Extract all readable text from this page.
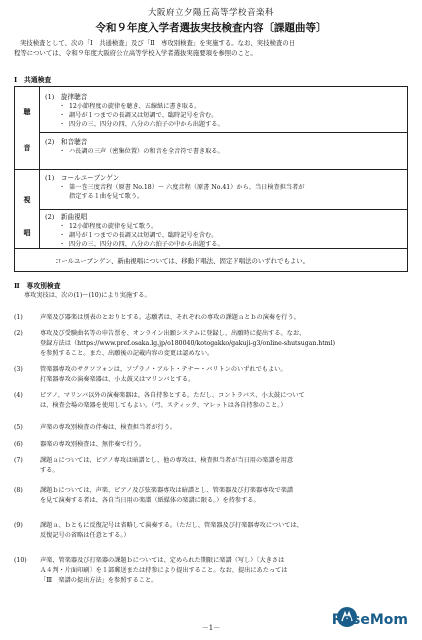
大阪府立夕陽丘高等学校音楽科
令和９年度入学者選抜実技検査内容〔課題曲等〕
実技検査として、次の「Ⅰ　共通検査」及び「Ⅱ　専攻別検査」を実施する。なお、実技検査の日
程等については、令和９年度大阪府公立高等学校入学者選抜実施要項を参照のこと。
Ⅰ　共通検査
聴
音
視
唱
(1)　旋律聴音
・ 12小節程度の旋律を聴き、五線紙に書き取る。
・ 調号が１つまでの長調又は短調で、臨時記号を含む。
・ 四分の三、四分の四、八分の六拍子の中から出題する。
(2)　和音聴音
・ ハ長調の三声（密集位置）の和音を全音符で書き取る。
(1)　コールユーブンゲン
・ 第一巻三度音程（原書 No.18）～ 六度音程（原書 No.41）から、当日検査担当者が
指定する１曲を見て歌う。
(2)　新曲視唱
・ 12小節程度の旋律を見て歌う。
・ 調号が１つまでの長調又は短調で、臨時記号を含む。
・ 四分の三、四分の四、八分の六拍子の中から出題する。
コールユーブンゲン、新曲視唱については、移動ド唱法、固定ド唱法のいずれでもよい。
Ⅱ　専攻別検査
専攻実技は、次の(1)～(10)により実施する。
(1)	声楽及び器楽は別表のとおりとする。志願者は、それぞれの専攻の課題ａとｂの演奏を行う。
(2)	専攻及び受験曲名等の申告票を、オンライン出願システムに登録し、出願時に提出する。なお、
登録方法は（https://www.pref.osaka.lg.jp/o180040/kotogakko/gakuji-g3/online-shutsugan.html)
を参照すること。また、出願後の記載内容の変更は認めない。
(3)	管楽器専攻のサクソフォンは、ソプラノ・アルト・テナー・バリトンのいずれでもよい。
打楽器専攻の演奏楽器は、小太鼓又はマリンバとする。
(4)	ピアノ、マリンバ以外の演奏楽器は、各自持参とする。ただし、コントラバス、小太鼓について
は、検査会場の楽器を使用してもよい。（弓、スティック、マレットは各自持参のこと。）
(5)	声楽の専攻別検査の伴奏は、検査担当者が行う。
(6)	器楽の専攻別検査は、無伴奏で行う。
(7)	課題ａについては、ピアノ専攻は暗譜とし、他の専攻は、検査担当者が当日用の楽譜を用意
する。
(8)	課題ｂについては、声楽、ピアノ及び弦楽器専攻は暗譜とし、管楽器及び打楽器専攻で楽譜
を見て演奏する者は、各自当日用の楽譜（紙媒体の楽譜に限る。）を持参する。
(9)	課題ａ、ｂともに反復記号は省略して演奏する。（ただし、管楽器及び打楽器専攻については、
反復記号の省略は任意とする。）
(10)	声楽、管楽器及び打楽器の課題ｂについては、定められた期限に楽譜（写し）〔大きさは
Ａ４判・片面印刷〕を１部郵送または持参により提出すること。なお、提出にあたっては
「Ⅲ　楽譜の提出方法」を参照すること。
－1－	ReseMom
